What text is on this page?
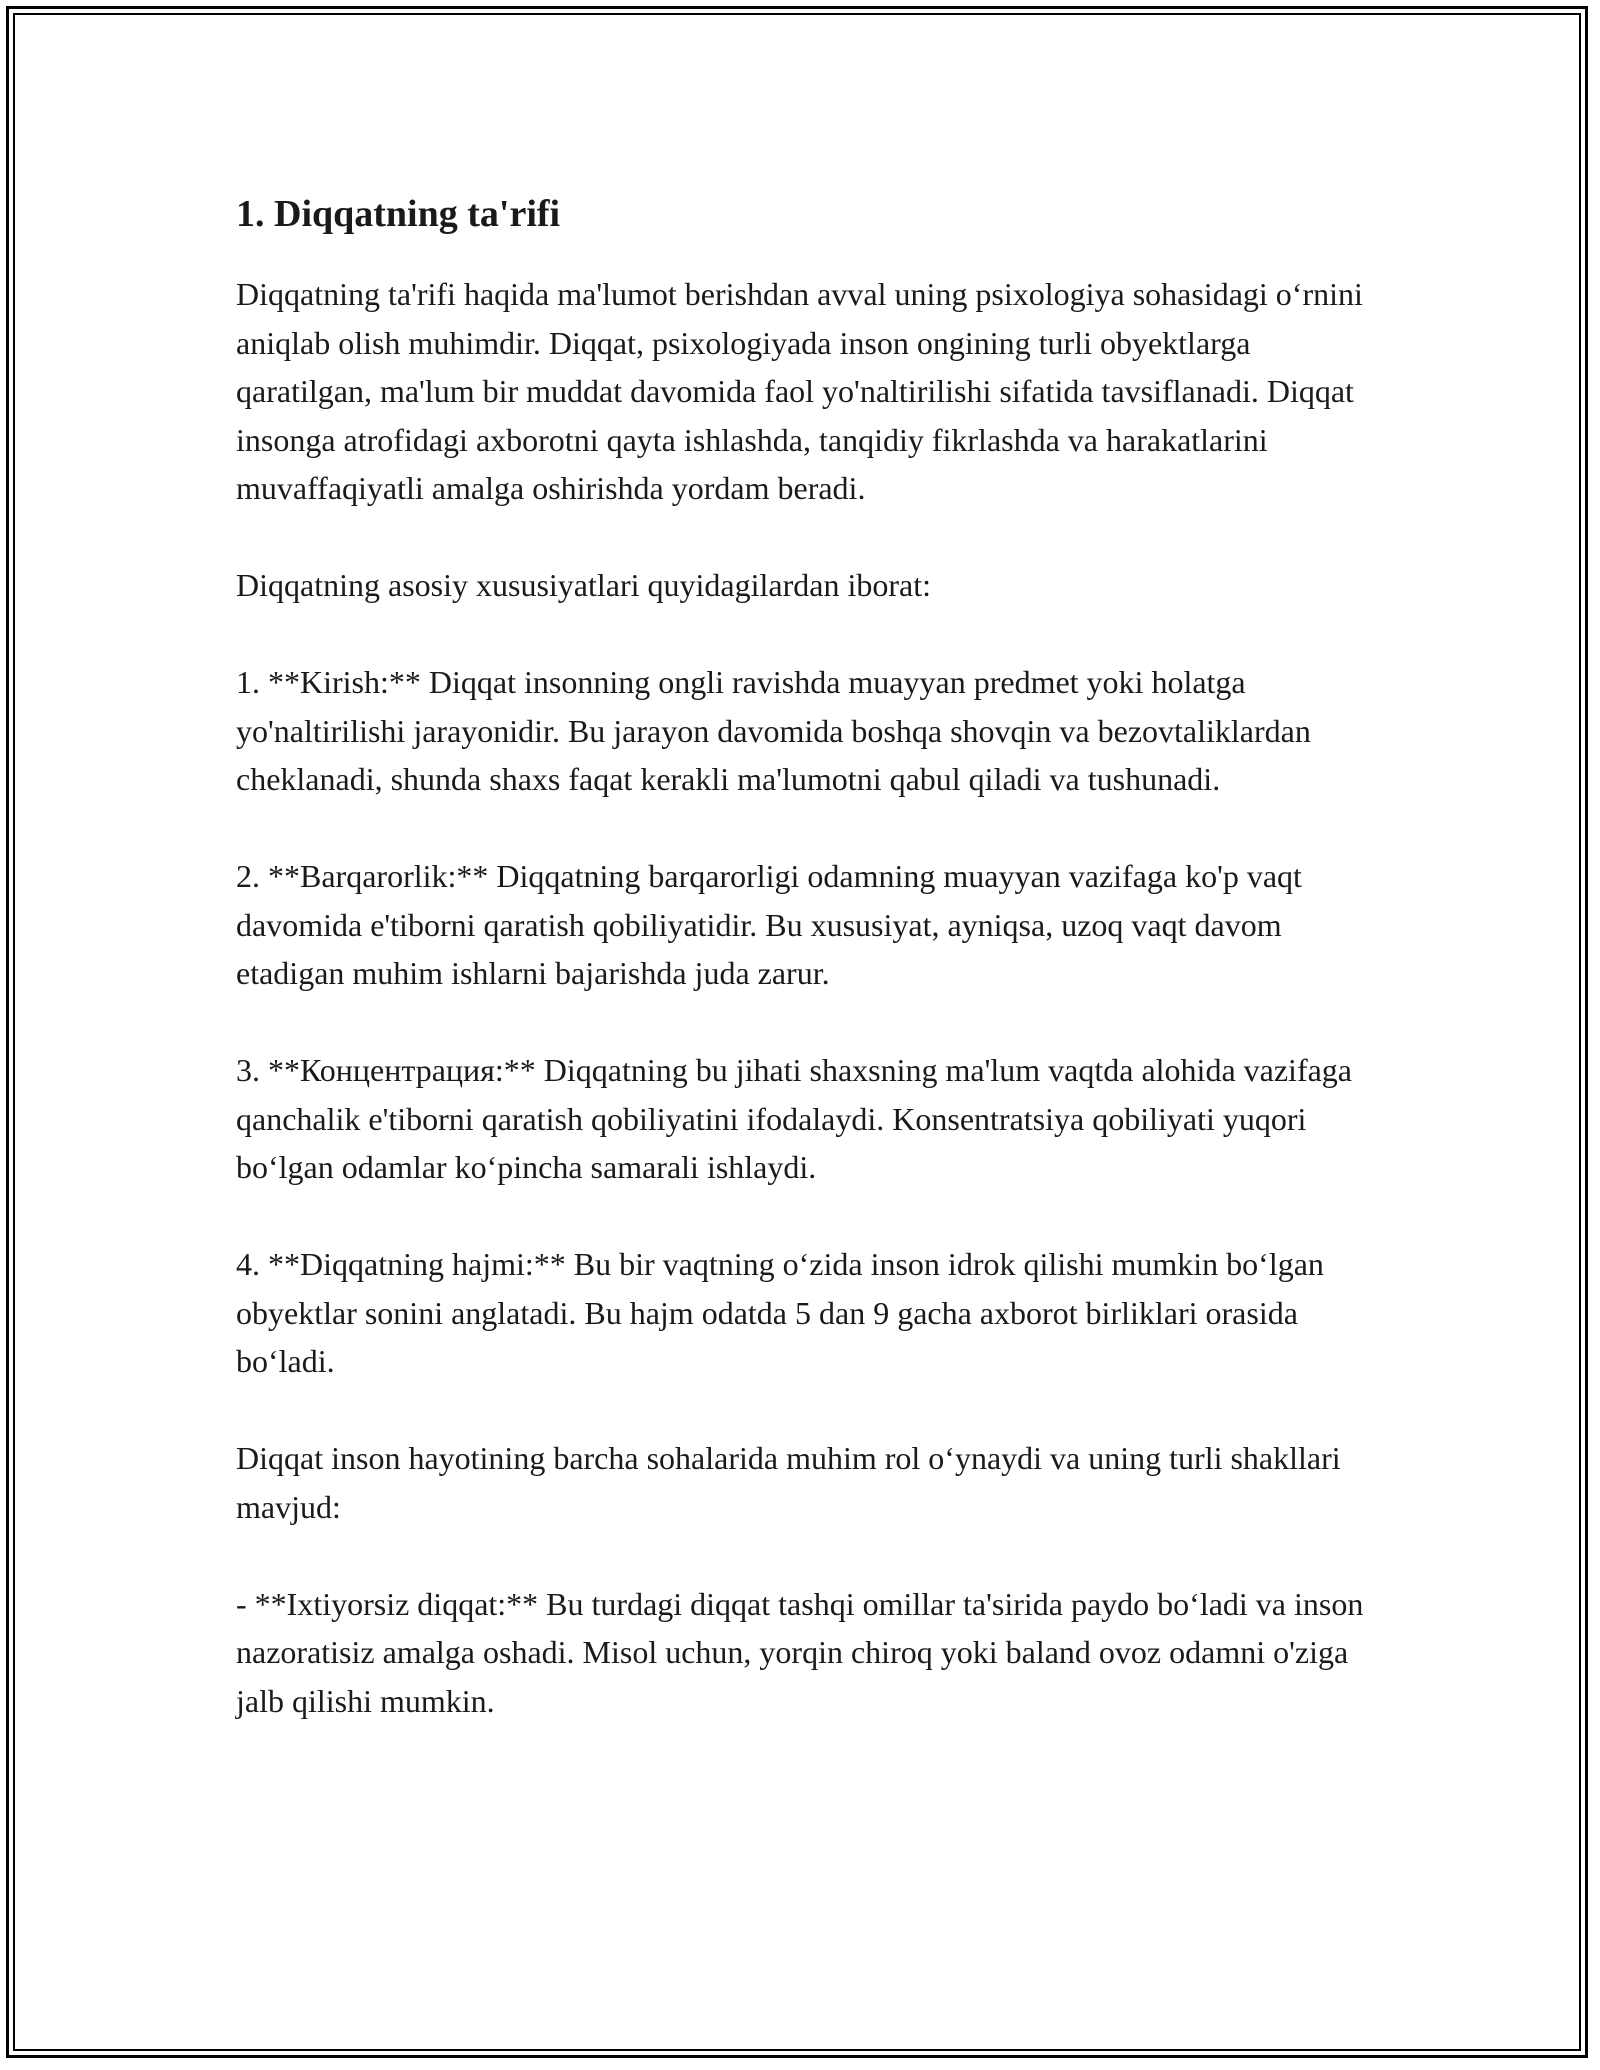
1. Diqqatning ta'rifi

Diqqatning ta'rifi haqida ma'lumot berishdan avval uning psixologiya sohasidagi o‘rnini aniqlab olish muhimdir. Diqqat, psixologiyada inson ongining turli obyektlarga qaratilgan, ma'lum bir muddat davomida faol yo'naltirilishi sifatida tavsiflanadi. Diqqat insonga atrofidagi axborotni qayta ishlashda, tanqidiy fikrlashda va harakatlarini muvaffaqiyatli amalga oshirishda yordam beradi.

Diqqatning asosiy xususiyatlari quyidagilardan iborat:

1. **Kirish:** Diqqat insonning ongli ravishda muayyan predmet yoki holatga yo'naltirilishi jarayonidir. Bu jarayon davomida boshqa shovqin va bezovtaliklardan cheklanadi, shunda shaxs faqat kerakli ma'lumotni qabul qiladi va tushunadi.

2. **Barqarorlik:** Diqqatning barqarorligi odamning muayyan vazifaga ko'p vaqt davomida e'tiborni qaratish qobiliyatidir. Bu xususiyat, ayniqsa, uzoq vaqt davom etadigan muhim ishlarni bajarishda juda zarur.

3. **Концентрация:** Diqqatning bu jihati shaxsning ma'lum vaqtda alohida vazifaga qanchalik e'tiborni qaratish qobiliyatini ifodalaydi. Konsentratsiya qobiliyati yuqori bo‘lgan odamlar ko‘pincha samarali ishlaydi.

4. **Diqqatning hajmi:** Bu bir vaqtning o‘zida inson idrok qilishi mumkin bo‘lgan obyektlar sonini anglatadi. Bu hajm odatda 5 dan 9 gacha axborot birliklari orasida bo‘ladi.

Diqqat inson hayotining barcha sohalarida muhim rol o‘ynaydi va uning turli shakllari mavjud:

- **Ixtiyorsiz diqqat:** Bu turdagi diqqat tashqi omillar ta'sirida paydo bo‘ladi va inson nazoratisiz amalga oshadi. Misol uchun, yorqin chiroq yoki baland ovoz odamni o'ziga jalb qilishi mumkin.
